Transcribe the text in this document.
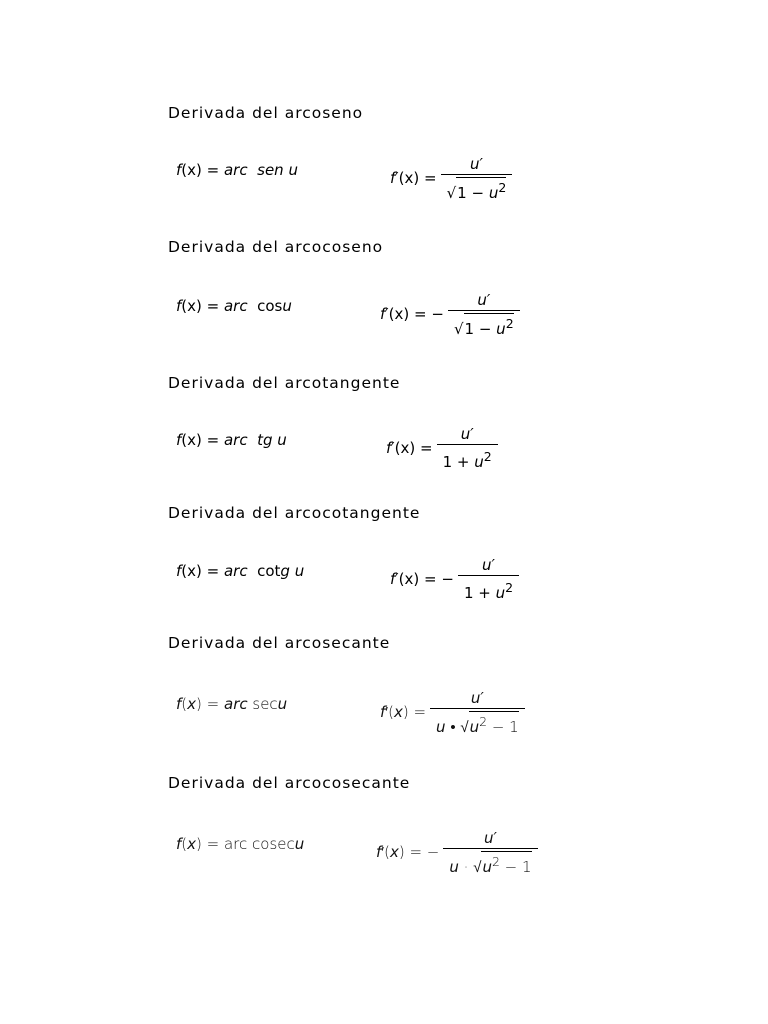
Derivada del arcoseno
f(x) = arc sen u	f $'(x) = \frac{u'}{√1 - u^2}$
Derivada del arcocoseno
f(x) = arc  cosu	f ′(x) = − $\frac{u'}{√1 - u^2}$
Derivada del arcotangente
f(x) = arc tg u	f $'(x) = \frac{u'}{1 + u^2}$
Derivada del arcocotangente
f(x) = arc  cotg u	f ′(x) = − $\frac{u'}{1 + u^2}$
Derivada del arcosecante
f(x) = arc secu	f ′( x ) = $\frac{u'}{u • √u^2 - 1}$
Derivada del arcocosecante
f(x) = arc cosecu	f ′( x ) = − $\frac{u'}{u \cdot √u^2 - 1}$
